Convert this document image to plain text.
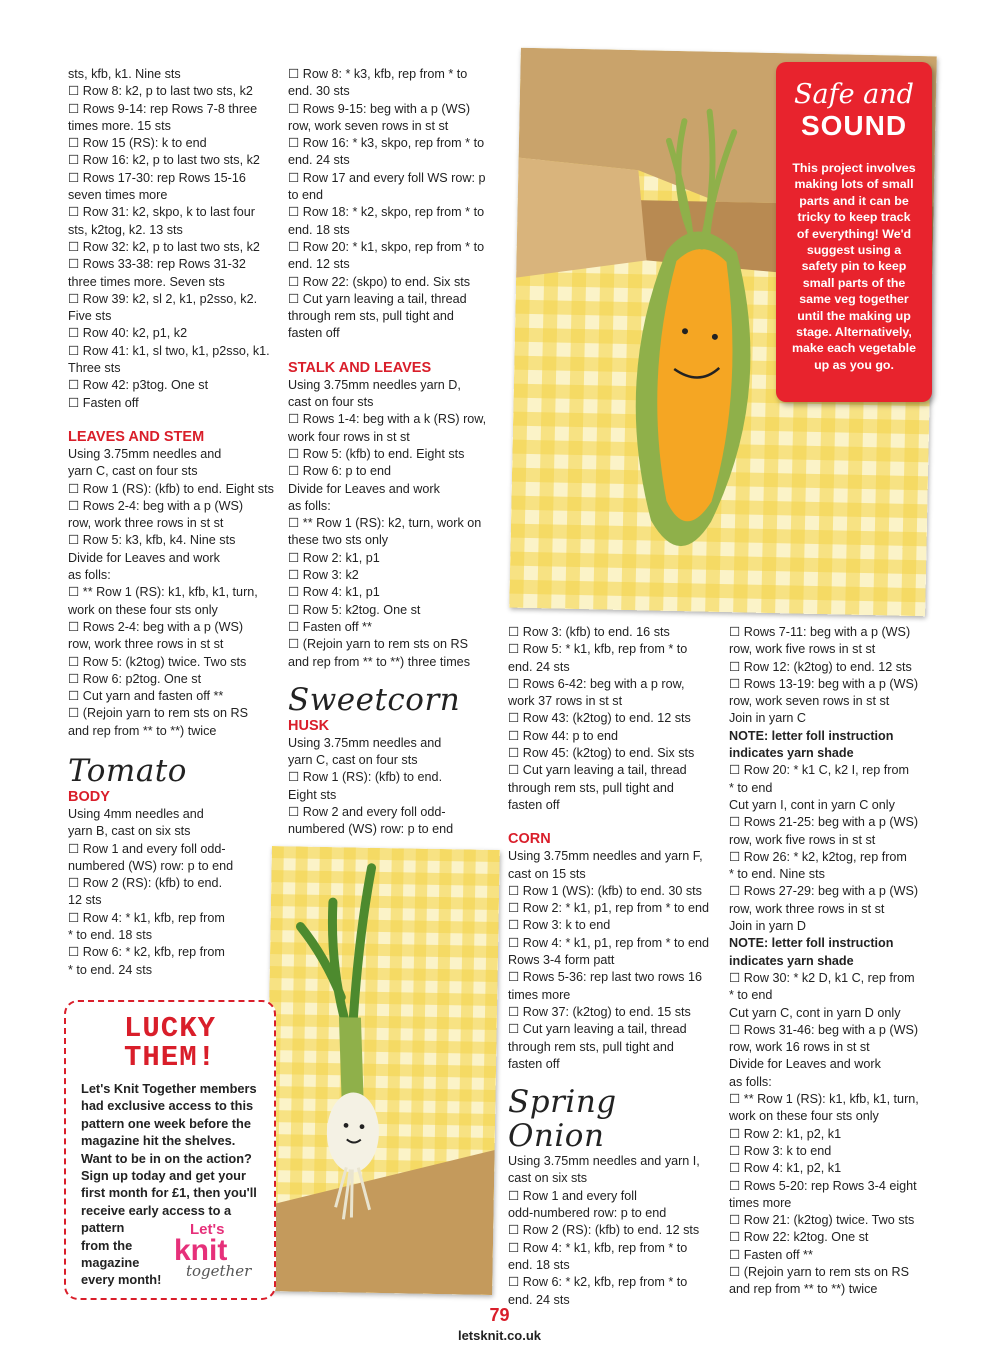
sts, kfb, k1. Nine sts
☐ Row 8: k2, p to last two sts, k2
☐ Rows 9-14: rep Rows 7-8 three
times more. 15 sts
☐ Row 15 (RS): k to end
☐ Row 16: k2, p to last two sts, k2
☐ Rows 17-30: rep Rows 15-16
seven times more
☐ Row 31: k2, skpo, k to last four
sts, k2tog, k2. 13 sts
☐ Row 32: k2, p to last two sts, k2
☐ Rows 33-38: rep Rows 31-32
three times more. Seven sts
☐ Row 39: k2, sl 2, k1, p2sso, k2.
Five sts
☐ Row 40: k2, p1, k2
☐ Row 41: k1, sl two, k1, p2sso, k1.
Three sts
☐ Row 42: p3tog. One st
☐ Fasten off
LEAVES AND STEM
Using 3.75mm needles and
yarn C, cast on four sts
☐ Row 1 (RS): (kfb) to end. Eight sts
☐ Rows 2-4: beg with a p (WS)
row, work three rows in st st
☐ Row 5: k3, kfb, k4. Nine sts
Divide for Leaves and work
as folls:
☐ ** Row 1 (RS): k1, kfb, k1, turn,
work on these four sts only
☐ Rows 2-4: beg with a p (WS)
row, work three rows in st st
☐ Row 5: (k2tog) twice. Two sts
☐ Row 6: p2tog. One st
☐ Cut yarn and fasten off **
☐ (Rejoin yarn to rem sts on RS
and rep from ** to **) twice
Tomato
BODY
Using 4mm needles and
yarn B, cast on six sts
☐ Row 1 and every foll odd-
numbered (WS) row: p to end
☐ Row 2 (RS): (kfb) to end.
12 sts
☐ Row 4: * k1, kfb, rep from
* to end. 18 sts
☐ Row 6: * k2, kfb, rep from
* to end. 24 sts
☐ Row 8: * k3, kfb, rep from * to
end. 30 sts
☐ Rows 9-15: beg with a p (WS)
row, work seven rows in st st
☐ Row 16: * k3, skpo, rep from * to
end. 24 sts
☐ Row 17 and every foll WS row: p
to end
☐ Row 18: * k2, skpo, rep from * to
end. 18 sts
☐ Row 20: * k1, skpo, rep from * to
end. 12 sts
☐ Row 22: (skpo) to end. Six sts
☐ Cut yarn leaving a tail, thread
through rem sts, pull tight and
fasten off
STALK AND LEAVES
Using 3.75mm needles yarn D,
cast on four sts
☐ Rows 1-4: beg with a k (RS) row,
work four rows in st st
☐ Row 5: (kfb) to end. Eight sts
☐ Row 6: p to end
Divide for Leaves and work
as folls:
☐ ** Row 1 (RS): k2, turn, work on
these two sts only
☐ Row 2: k1, p1
☐ Row 3: k2
☐ Row 4: k1, p1
☐ Row 5: k2tog. One st
☐ Fasten off **
☐ (Rejoin yarn to rem sts on RS
and rep from ** to **) three times
Sweetcorn
HUSK
Using 3.75mm needles and
yarn C, cast on four sts
☐ Row 1 (RS): (kfb) to end.
Eight sts
☐ Row 2 and every foll odd-
numbered (WS) row: p to end
☐ Row 3: (kfb) to end. 16 sts
☐ Row 5: * k1, kfb, rep from * to
end. 24 sts
☐ Rows 6-42: beg with a p row,
work 37 rows in st st
☐ Row 43: (k2tog) to end. 12 sts
☐ Row 44: p to end
☐ Row 45: (k2tog) to end. Six sts
☐ Cut yarn leaving a tail, thread
through rem sts, pull tight and
fasten off
CORN
Using 3.75mm needles and yarn F,
cast on 15 sts
☐ Row 1 (WS): (kfb) to end. 30 sts
☐ Row 2: * k1, p1, rep from * to end
☐ Row 3: k to end
☐ Row 4: * k1, p1, rep from * to end
Rows 3-4 form patt
☐ Rows 5-36: rep last two rows 16
times more
☐ Row 37: (k2tog) to end. 15 sts
☐ Cut yarn leaving a tail, thread
through rem sts, pull tight and
fasten off
Spring Onion
Using 3.75mm needles and yarn I,
cast on six sts
☐ Row 1 and every foll
odd-numbered row: p to end
☐ Row 2 (RS): (kfb) to end. 12 sts
☐ Row 4: * k1, kfb, rep from * to
end. 18 sts
☐ Row 6: * k2, kfb, rep from * to
end. 24 sts
☐ Rows 7-11: beg with a p (WS)
row, work five rows in st st
☐ Row 12: (k2tog) to end. 12 sts
☐ Rows 13-19: beg with a p (WS)
row, work seven rows in st st
Join in yarn C
NOTE: letter foll instruction
indicates yarn shade
☐ Row 20: * k1 C, k2 I, rep from
* to end
Cut yarn I, cont in yarn C only
☐ Rows 21-25: beg with a p (WS)
row, work five rows in st st
☐ Row 26: * k2, k2tog, rep from
* to end. Nine sts
☐ Rows 27-29: beg with a p (WS)
row, work three rows in st st
Join in yarn D
NOTE: letter foll instruction
indicates yarn shade
☐ Row 30: * k2 D, k1 C, rep from
* to end
Cut yarn C, cont in yarn D only
☐ Rows 31-46: beg with a p (WS)
row, work 16 rows in st st
Divide for Leaves and work
as folls:
☐ ** Row 1 (RS): k1, kfb, k1, turn,
work on these four sts only
☐ Row 2: k1, p2, k1
☐ Row 3: k to end
☐ Row 4: k1, p2, k1
☐ Rows 5-20: rep Rows 3-4 eight
times more
☐ Row 21: (k2tog) twice. Two sts
☐ Row 22: k2tog. One st
☐ Fasten off **
☐ (Rejoin yarn to rem sts on RS
and rep from ** to **) twice
Safe and
SOUND
This project involves
making lots of small
parts and it can be
tricky to keep track
of everything! We'd
suggest using a
safety pin to keep
small parts of the
same veg together
until the making up
stage. Alternatively,
make each vegetable
up as you go.
LUCKY
THEM!
Let's Knit Together members
had exclusive access to this
pattern one week before the
magazine hit the shelves.
Want to be in on the action?
Sign up today and get your
first month for £1, then you'll
receive early access to a
pattern
from the
magazine
every month!
Let's
knit
together
79
letsknit.co.uk
